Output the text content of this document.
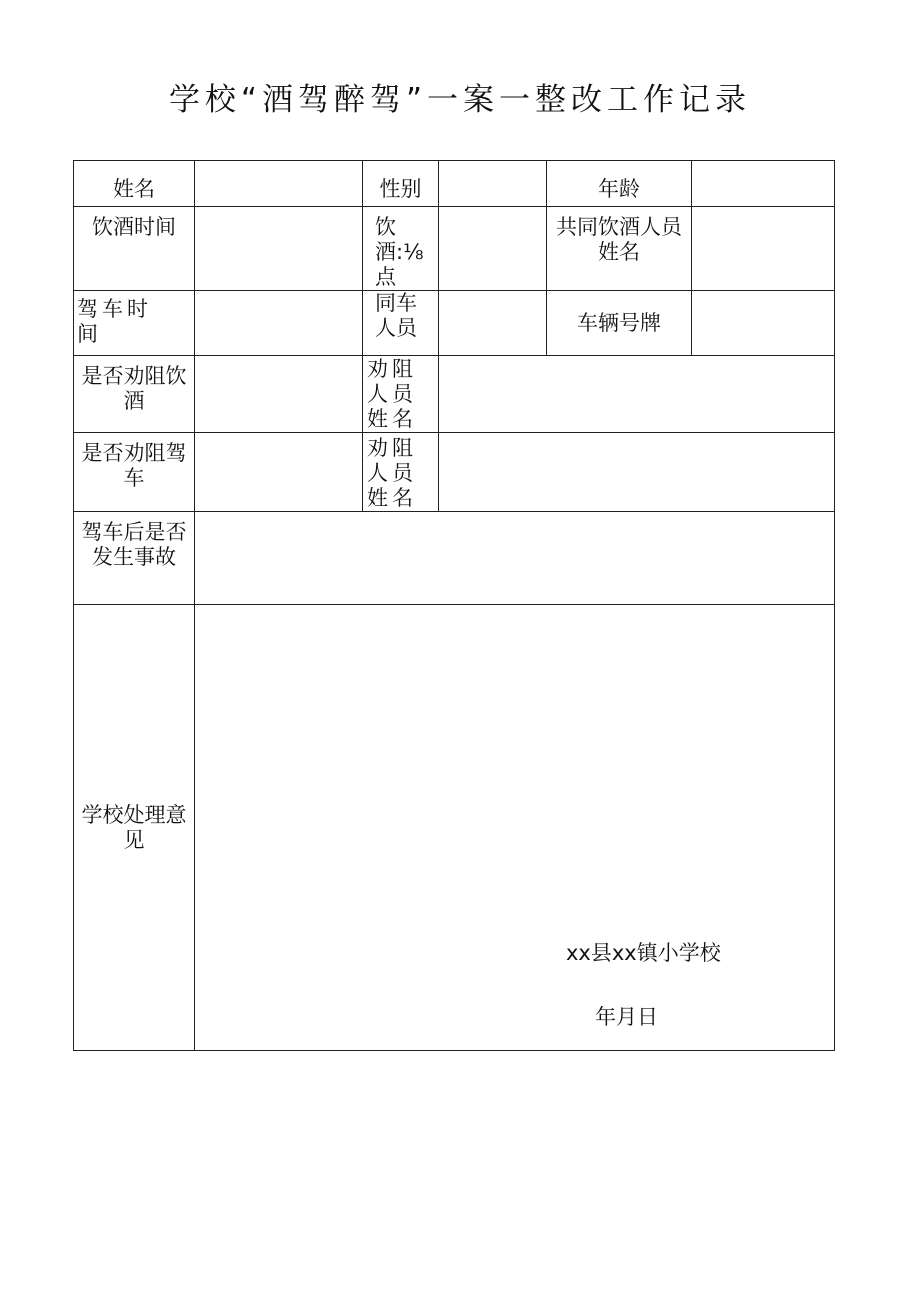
学校“酒驾醉驾”一案一整改工作记录
姓名		性别		年龄	
饮酒时间		饮酒:⅛点		共同饮酒人员姓名	
驾车时间		同车人员		车辆号牌	
是否劝阻饮酒		劝阻人员姓名			
是否劝阻驾车		劝阻人员姓名			
驾车后是否发生事故					
学校处理意见					
xx县xx镇小学校
年月日
